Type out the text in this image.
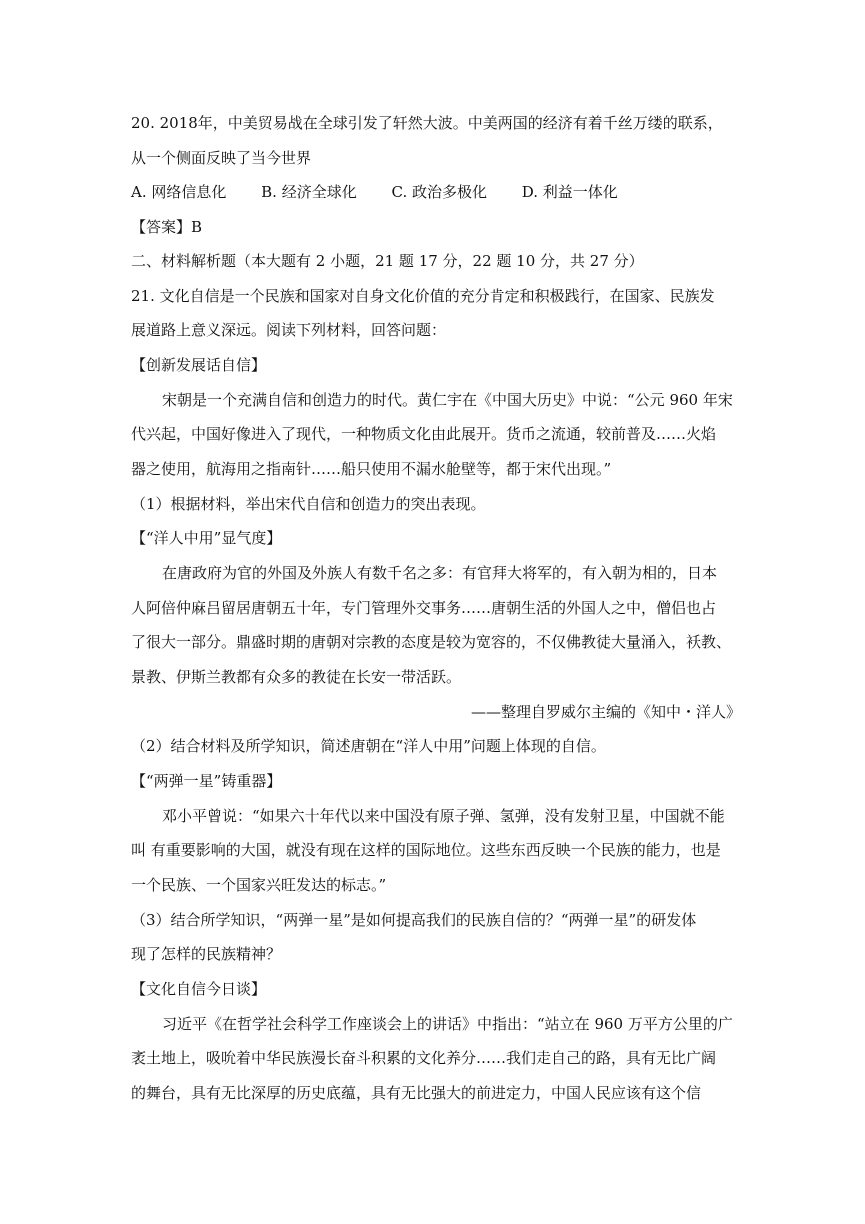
20. 2018年，中美贸易战在全球引发了轩然大波。中美两国的经济有着千丝万缕的联系，
从一个侧面反映了当今世界
A. 网络信息化 B. 经济全球化 C. 政治多极化 D. 利益一体化
【答案】B
二、材料解析题（本大题有 2 小题，21 题 17 分，22 题 10 分，共 27 分）
21. 文化自信是一个民族和国家对自身文化价值的充分肯定和积极践行，在国家、民族发
展道路上意义深远。阅读下列材料，回答问题：
【创新发展话自信】
宋朝是一个充满自信和创造力的时代。黄仁宇在《中国大历史》中说：“公元 960 年宋
代兴起，中国好像进入了现代，一种物质文化由此展开。货币之流通，较前普及……火焰
器之使用，航海用之指南针……船只使用不漏水舱壁等，都于宋代出现。”
（1）根据材料，举出宋代自信和创造力的突出表现。
【“洋人中用”显气度】
在唐政府为官的外国及外族人有数千名之多：有官拜大将军的，有入朝为相的，日本
人阿倍仲麻吕留居唐朝五十年，专门管理外交事务……唐朝生活的外国人之中，僧侣也占
了很大一部分。鼎盛时期的唐朝对宗教的态度是较为宽容的，不仅佛教徒大量涌入，袄教、
景教、伊斯兰教都有众多的教徒在长安一带活跃。
——整理自罗威尔主编的《知中・洋人》
（2）结合材料及所学知识，简述唐朝在“洋人中用”问题上体现的自信。
【“两弹一星”铸重器】
邓小平曾说：“如果六十年代以来中国没有原子弹、氢弹，没有发射卫星，中国就不能
叫 有重要影响的大国，就没有现在这样的国际地位。这些东西反映一个民族的能力，也是
一个民族、一个国家兴旺发达的标志。”
（3）结合所学知识，“两弹一星”是如何提高我们的民族自信的？“两弹一星”的研发体
现了怎样的民族精神？
【文化自信今日谈】
习近平《在哲学社会科学工作座谈会上的讲话》中指出：“站立在 960 万平方公里的广
袤土地上，吸吮着中华民族漫长奋斗积累的文化养分……我们走自己的路，具有无比广阔
的舞台，具有无比深厚的历史底蕴，具有无比强大的前进定力，中国人民应该有这个信
